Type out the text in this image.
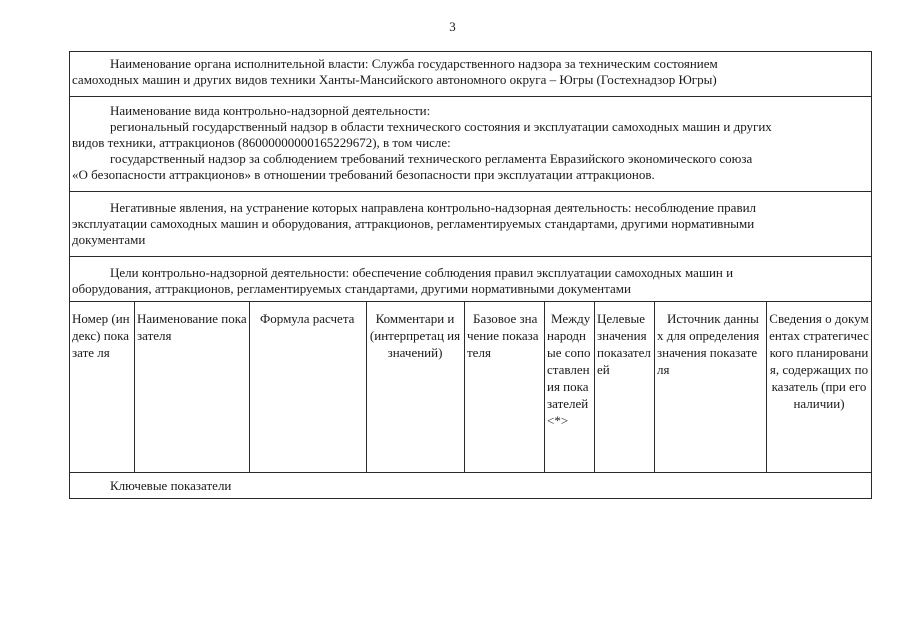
3
Наименование органа исполнительной власти: Служба государственного надзора за техническим состоянием
самоходных машин и других видов техники Ханты-Мансийского автономного округа – Югры (Гостехнадзор Югры)
Наименование вида контрольно-надзорной деятельности:
региональный государственный надзор в области технического состояния и эксплуатации самоходных машин и других
видов техники, аттракционов (86000000000165229672), в том числе:
государственный надзор за соблюдением требований технического регламента Евразийского экономического союза
«О безопасности аттракционов» в отношении требований безопасности при эксплуатации аттракционов.
Негативные явления, на устранение которых направлена контрольно-надзорная деятельность: несоблюдение правил
эксплуатации самоходных машин и оборудования, аттракционов, регламентируемых стандартами, другими нормативными
документами
Цели контрольно-надзорной деятельности: обеспечение соблюдения правил эксплуатации самоходных машин и
оборудования, аттракционов, регламентируемых стандартами, другими нормативными документами
Номер (индекс) показате ля
Наименование показателя
Формула расчета	Комментари и (интерпретац ия значений)
Базовое значение показателя
Международные сопоставления показателей <*>
Целевые значения показателей
Источник данных для определения значения показателя
Сведения о документах стратегического планирования, содержащих показатель (при его наличии)
Ключевые показатели
